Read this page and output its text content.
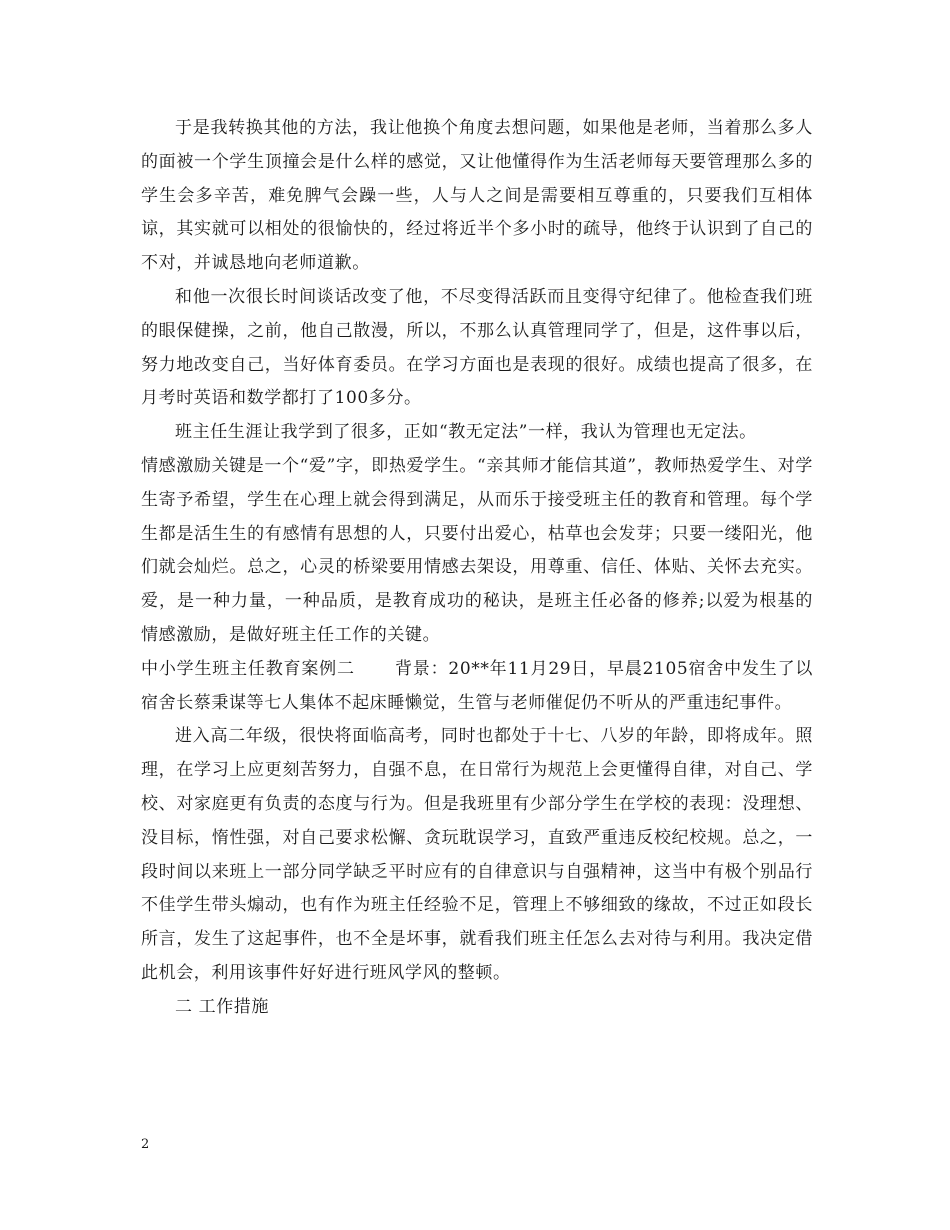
于是我转换其他的方法，我让他换个角度去想问题，如果他是老师，当着那么多人的面被一个学生顶撞会是什么样的感觉，又让他懂得作为生活老师每天要管理那么多的学生会多辛苦，难免脾气会躁一些，人与人之间是需要相互尊重的，只要我们互相体谅，其实就可以相处的很愉快的，经过将近半个多小时的疏导，他终于认识到了自己的不对，并诚恳地向老师道歉。

和他一次很长时间谈话改变了他，不尽变得活跃而且变得守纪律了。他检查我们班的眼保健操，之前，他自己散漫，所以，不那么认真管理同学了，但是，这件事以后，努力地改变自己，当好体育委员。在学习方面也是表现的很好。成绩也提高了很多，在月考时英语和数学都打了100多分。

班主任生涯让我学到了很多，正如“教无定法”一样，我认为管理也无定法。

情感激励关键是一个“爱”字，即热爱学生。“亲其师才能信其道”，教师热爱学生、对学生寄予希望，学生在心理上就会得到满足，从而乐于接受班主任的教育和管理。每个学生都是活生生的有感情有思想的人，只要付出爱心，枯草也会发芽；只要一缕阳光，他们就会灿烂。总之，心灵的桥梁要用情感去架设，用尊重、信任、体贴、关怀去充实。爱，是一种力量，一种品质，是教育成功的秘诀，是班主任必备的修养;以爱为根基的情感激励，是做好班主任工作的关键。

中小学生班主任教育案例二 背景：20**年11月29日，早晨2105宿舍中发生了以宿舍长蔡秉谋等七人集体不起床睡懒觉，生管与老师催促仍不听从的严重违纪事件。

进入高二年级，很快将面临高考，同时也都处于十七、八岁的年龄，即将成年。照理，在学习上应更刻苦努力，自强不息，在日常行为规范上会更懂得自律，对自己、学校、对家庭更有负责的态度与行为。但是我班里有少部分学生在学校的表现：没理想、没目标，惰性强，对自己要求松懈、贪玩耽误学习，直致严重违反校纪校规。总之，一段时间以来班上一部分同学缺乏平时应有的自律意识与自强精神，这当中有极个别品行不佳学生带头煽动，也有作为班主任经验不足，管理上不够细致的缘故，不过正如段长所言，发生了这起事件，也不全是坏事，就看我们班主任怎么去对待与利用。我决定借此机会，利用该事件好好进行班风学风的整顿。

二 工作措施

2
